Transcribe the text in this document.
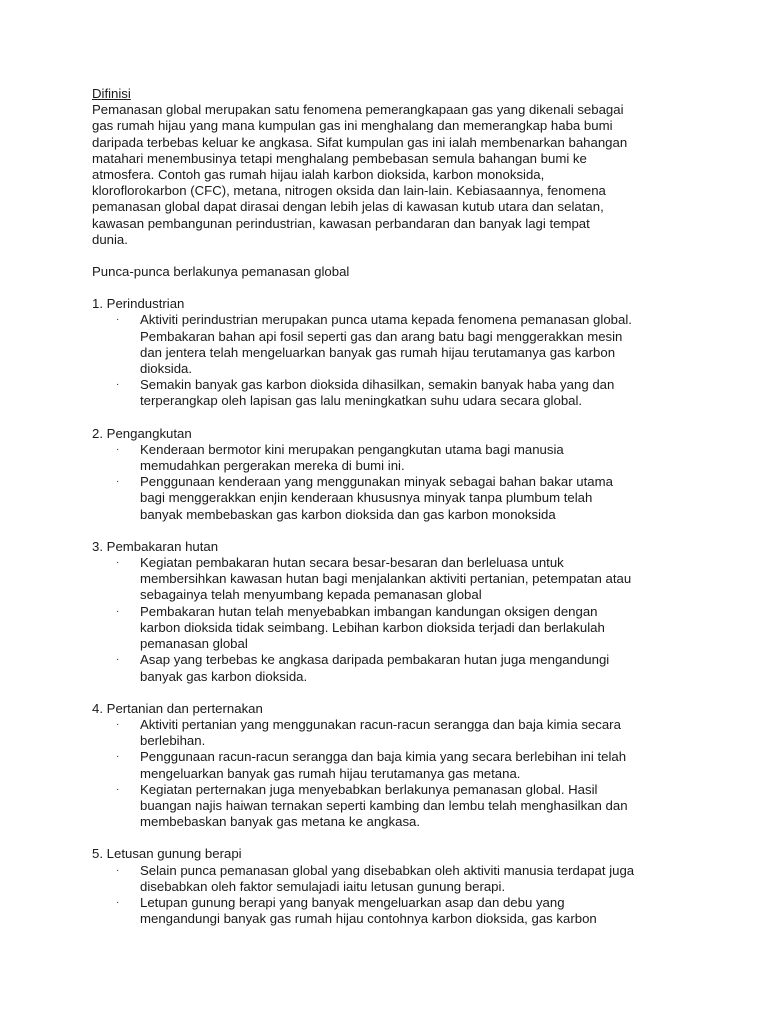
Difinisi
Pemanasan global merupakan satu fenomena pemerangkapaan gas yang dikenali sebagai
gas rumah hijau yang mana kumpulan gas ini menghalang dan memerangkap haba bumi
daripada terbebas keluar ke angkasa. Sifat kumpulan gas ini ialah membenarkan bahangan
matahari menembusinya tetapi menghalang pembebasan semula bahangan bumi ke
atmosfera. Contoh gas rumah hijau ialah karbon dioksida, karbon monoksida,
kloroflorokarbon (CFC), metana, nitrogen oksida dan lain-lain. Kebiasaannya, fenomena
pemanasan global dapat dirasai dengan lebih jelas di kawasan kutub utara dan selatan,
kawasan pembangunan perindustrian, kawasan perbandaran dan banyak lagi tempat
dunia.
Punca-punca berlakunya pemanasan global
1. Perindustrian
· Aktiviti perindustrian merupakan punca utama kepada fenomena pemanasan global.
Pembakaran bahan api fosil seperti gas dan arang batu bagi menggerakkan mesin
dan jentera telah mengeluarkan banyak gas rumah hijau terutamanya gas karbon
dioksida.
· Semakin banyak gas karbon dioksida dihasilkan, semakin banyak haba yang dan
terperangkap oleh lapisan gas lalu meningkatkan suhu udara secara global.
2. Pengangkutan
· Kenderaan bermotor kini merupakan pengangkutan utama bagi manusia
memudahkan pergerakan mereka di bumi ini.
· Penggunaan kenderaan yang menggunakan minyak sebagai bahan bakar utama
bagi menggerakkan enjin kenderaan khususnya minyak tanpa plumbum telah
banyak membebaskan gas karbon dioksida dan gas karbon monoksida
3. Pembakaran hutan
· Kegiatan pembakaran hutan secara besar-besaran dan berleluasa untuk
membersihkan kawasan hutan bagi menjalankan aktiviti pertanian, petempatan atau
sebagainya telah menyumbang kepada pemanasan global
· Pembakaran hutan telah menyebabkan imbangan kandungan oksigen dengan
karbon dioksida tidak seimbang. Lebihan karbon dioksida terjadi dan berlakulah
pemanasan global
· Asap yang terbebas ke angkasa daripada pembakaran hutan juga mengandungi
banyak gas karbon dioksida.
4. Pertanian dan perternakan
· Aktiviti pertanian yang menggunakan racun-racun serangga dan baja kimia secara
berlebihan.
· Penggunaan racun-racun serangga dan baja kimia yang secara berlebihan ini telah
mengeluarkan banyak gas rumah hijau terutamanya gas metana.
· Kegiatan perternakan juga menyebabkan berlakunya pemanasan global. Hasil
buangan najis haiwan ternakan seperti kambing dan lembu telah menghasilkan dan
membebaskan banyak gas metana ke angkasa.
5. Letusan gunung berapi
· Selain punca pemanasan global yang disebabkan oleh aktiviti manusia terdapat juga
disebabkan oleh faktor semulajadi iaitu letusan gunung berapi.
· Letupan gunung berapi yang banyak mengeluarkan asap dan debu yang
mengandungi banyak gas rumah hijau contohnya karbon dioksida, gas karbon
